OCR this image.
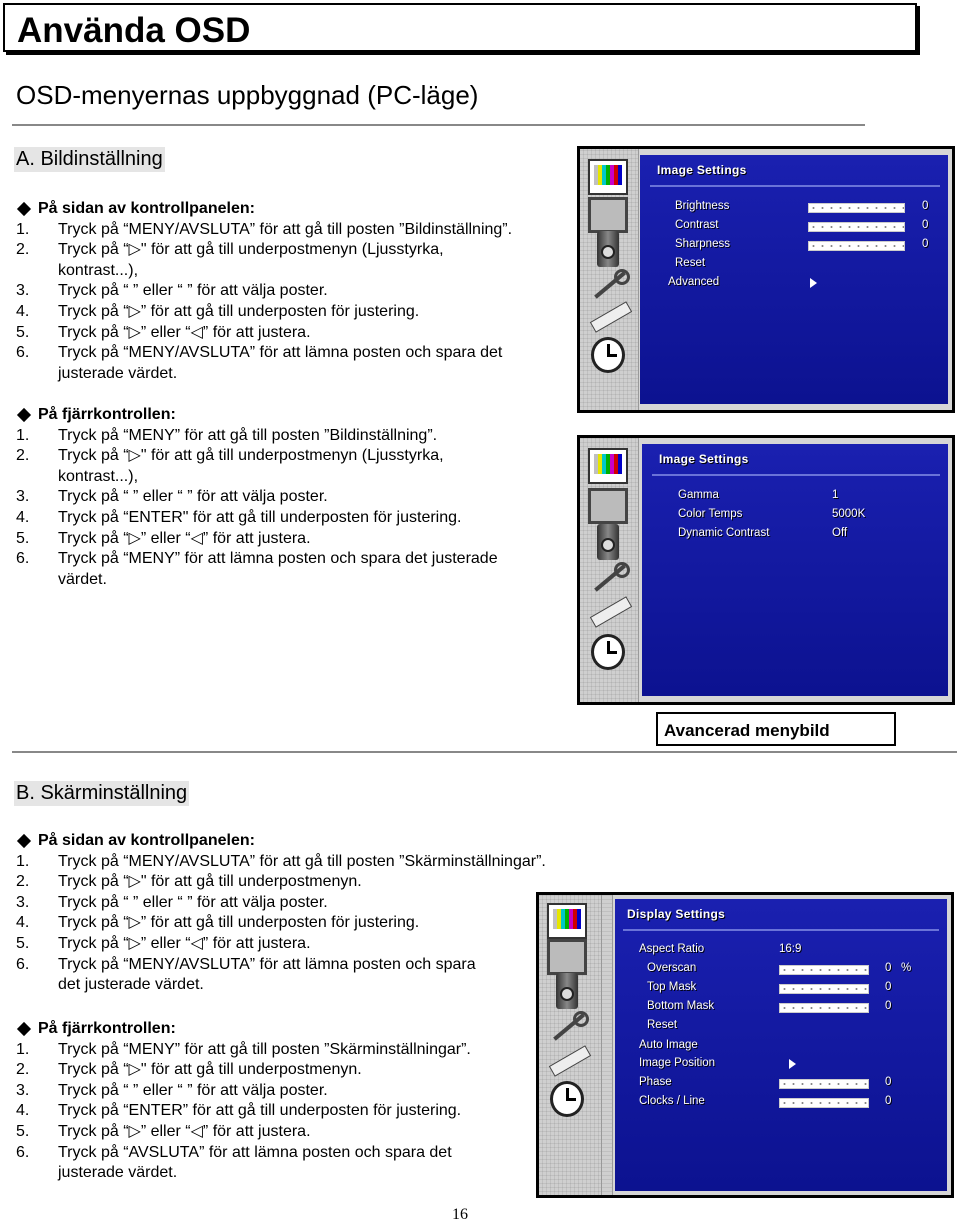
Använda OSD
OSD-menyernas uppbyggnad (PC-läge)
A. Bildinställning
På sidan av kontrollpanelen:
1. Tryck på “MENY/AVSLUTA” för att gå till posten ”Bildinställning”.
2. Tryck på “▷" för att gå till underpostmenyn (Ljusstyrka,
kontrast...),
3. Tryck på “ ” eller “ ” för att välja poster.
4. Tryck på “▷” för att gå till underposten för justering.
5. Tryck på “▷” eller “◁” för att justera.
6. Tryck på “MENY/AVSLUTA” för att lämna posten och spara det
justerade värdet.
På fjärrkontrollen:
1. Tryck på “MENY” för att gå till posten ”Bildinställning”.
2. Tryck på “▷" för att gå till underpostmenyn (Ljusstyrka,
kontrast...),
3. Tryck på “ ” eller “ ” för att välja poster.
4. Tryck på “ENTER" för att gå till underposten för justering.
5. Tryck på “▷” eller “◁” för att justera.
6. Tryck på “MENY” för att lämna posten och spara det justerade
värdet.
Image Settings
Brightness	0
Contrast	0
Sharpness	0
Reset
Advanced
Image Settings
Gamma	1
Color Temps	5000K
Dynamic Contrast	Off
Avancerad menybild
B. Skärminställning
På sidan av kontrollpanelen:
1. Tryck på “MENY/AVSLUTA” för att gå till posten ”Skärminställningar”.
2. Tryck på “▷" för att gå till underpostmenyn.
3. Tryck på “ ” eller “ ” för att välja poster.
4. Tryck på “▷” för att gå till underposten för justering.
5. Tryck på “▷” eller “◁” för att justera.
6. Tryck på “MENY/AVSLUTA” för att lämna posten och spara
det justerade värdet.
På fjärrkontrollen:
1. Tryck på “MENY” för att gå till posten ”Skärminställningar”.
2. Tryck på “▷" för att gå till underpostmenyn.
3. Tryck på “ ” eller “ ” för att välja poster.
4. Tryck på “ENTER” för att gå till underposten för justering.
5. Tryck på “▷” eller “◁” för att justera.
6. Tryck på “AVSLUTA” för att lämna posten och spara det
justerade värdet.
Display Settings
Aspect Ratio	16:9
Overscan	0 %
Top Mask	0
Bottom Mask	0
Reset
Auto Image
Image Position
Phase	0
Clocks / Line	0
16
